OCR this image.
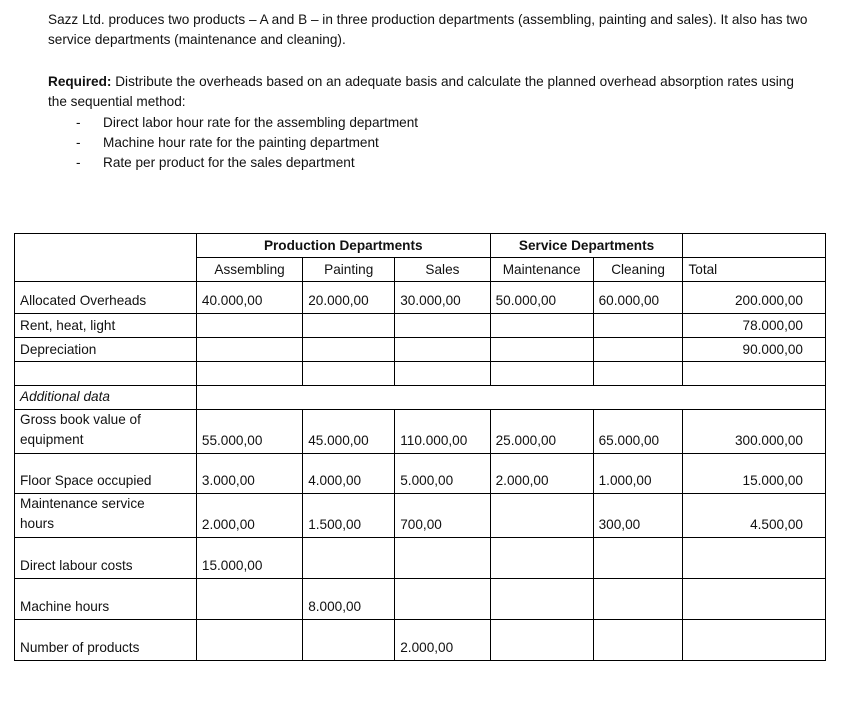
Sazz Ltd. produces two products – A and B – in three production departments (assembling, painting and sales). It also has two service departments (maintenance and cleaning).
Required: Distribute the overheads based on an adequate basis and calculate the planned overhead absorption rates using the sequential method:
- Direct labor hour rate for the assembling department
- Machine hour rate for the painting department
- Rate per product for the sales department
	Production Departments			Service Departments		
	Assembling	Painting	Sales	Maintenance	Cleaning	Total
Allocated Overheads	40.000,00	20.000,00	30.000,00	50.000,00	60.000,00	200.000,00
Rent, heat, light						78.000,00
Depreciation						90.000,00

Additional data						
Gross book value of
equipment	55.000,00	45.000,00	110.000,00	25.000,00	65.000,00	300.000,00
Floor Space occupied	3.000,00	4.000,00	5.000,00	2.000,00	1.000,00	15.000,00
Maintenance service
hours	2.000,00	1.500,00	700,00		300,00	4.500,00
Direct labour costs	15.000,00					
Machine hours		8.000,00				
Number of products			2.000,00			
